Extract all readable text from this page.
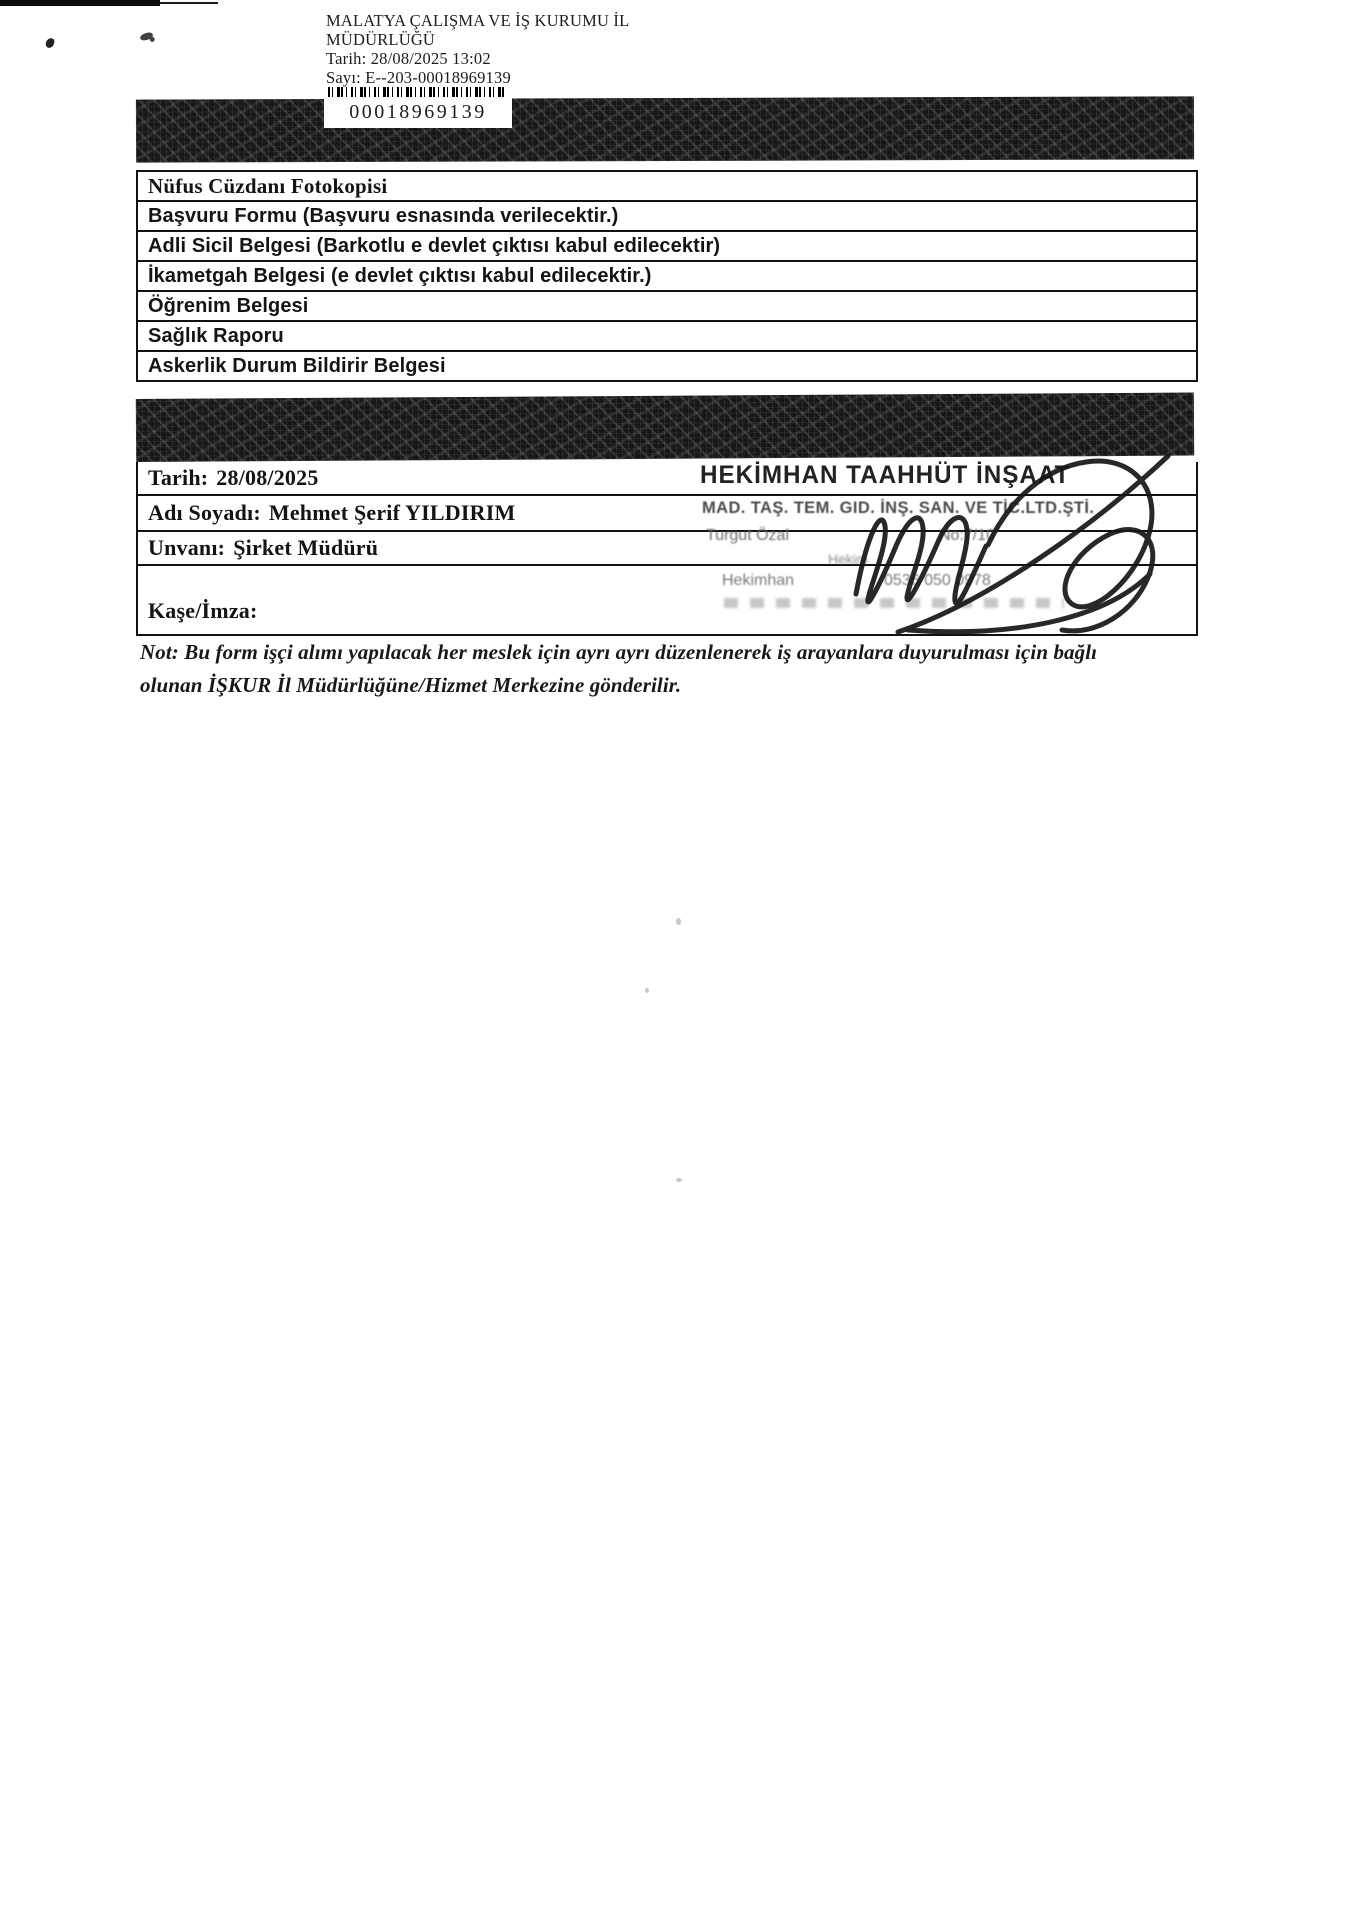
MALATYA ÇALIŞMA VE İŞ KURUMU İL
MÜDÜRLÜĞÜ
Tarih: 28/08/2025 13:02
Sayı: E--203-00018969139
00018969139
Nüfus Cüzdanı Fotokopisi
Başvuru Formu (Başvuru esnasında verilecektir.)
Adli Sicil Belgesi (Barkotlu e devlet çıktısı kabul edilecektir)
İkametgah Belgesi (e devlet çıktısı kabul edilecektir.)
Öğrenim Belgesi
Sağlık Raporu
Askerlik Durum Bildirir Belgesi
Tarih: 28/08/2025
Adı Soyadı: Mehmet Şerif YILDIRIM
Unvanı: Şirket Müdürü
Kaşe/İmza:
HEKİMHAN TAAHHÜT İNŞAAT
MAD. TAŞ. TEM. GID. İNŞ. SAN. VE TİC.LTD.ŞTİ.
Turgut Özal	No:7/10
Hekim
Hekimhan	0536 050 0978
Not: Bu form işçi alımı yapılacak her meslek için ayrı ayrı düzenlenerek iş arayanlara duyurulması için bağlı
olunan İŞKUR İl Müdürlüğüne/Hizmet Merkezine gönderilir.
